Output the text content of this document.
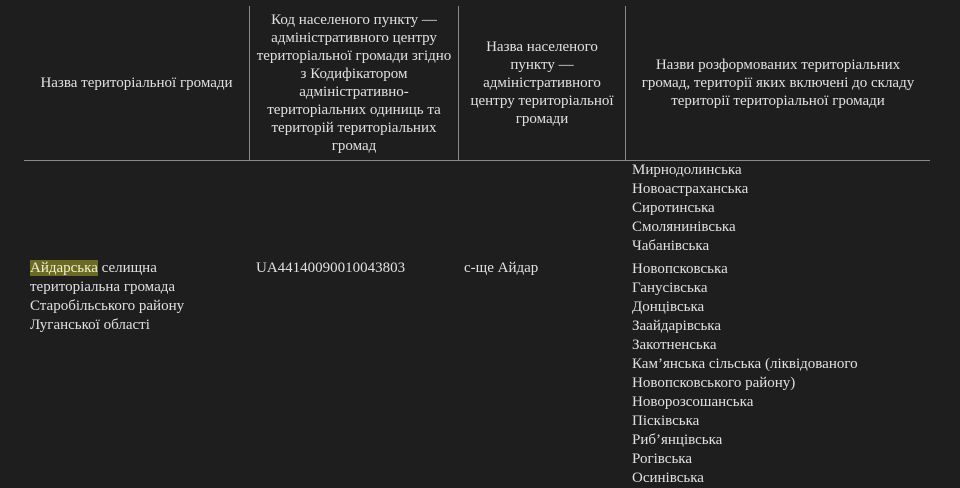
Назва територіальної громади
Код населеного пункту — адміністративного центру територіальної громади згідно з Кодифікатором адміністративно-територіальних одиниць та територій територіальних громад
Назва населеного пункту — адміністративного центру територіальної громади
Назви розформованих територіальних громад, території яких включені до складу території територіальної громади
Айдарська селищна територіальна громада Старобільського району Луганської області
UA44140090010043803	с-ще Айдар
Мирнодолинська
Новоастраханська
Сиротинська
Смолянинівська
Чабанівська
Новопсковська
Ганусівська
Донцівська
Заайдарівська
Закотненська
Кам’янська сільська (ліквідованого Новопсковського району)
Новорозсошанська
Пісківська
Риб’янцівська
Рогівська
Осинівська
